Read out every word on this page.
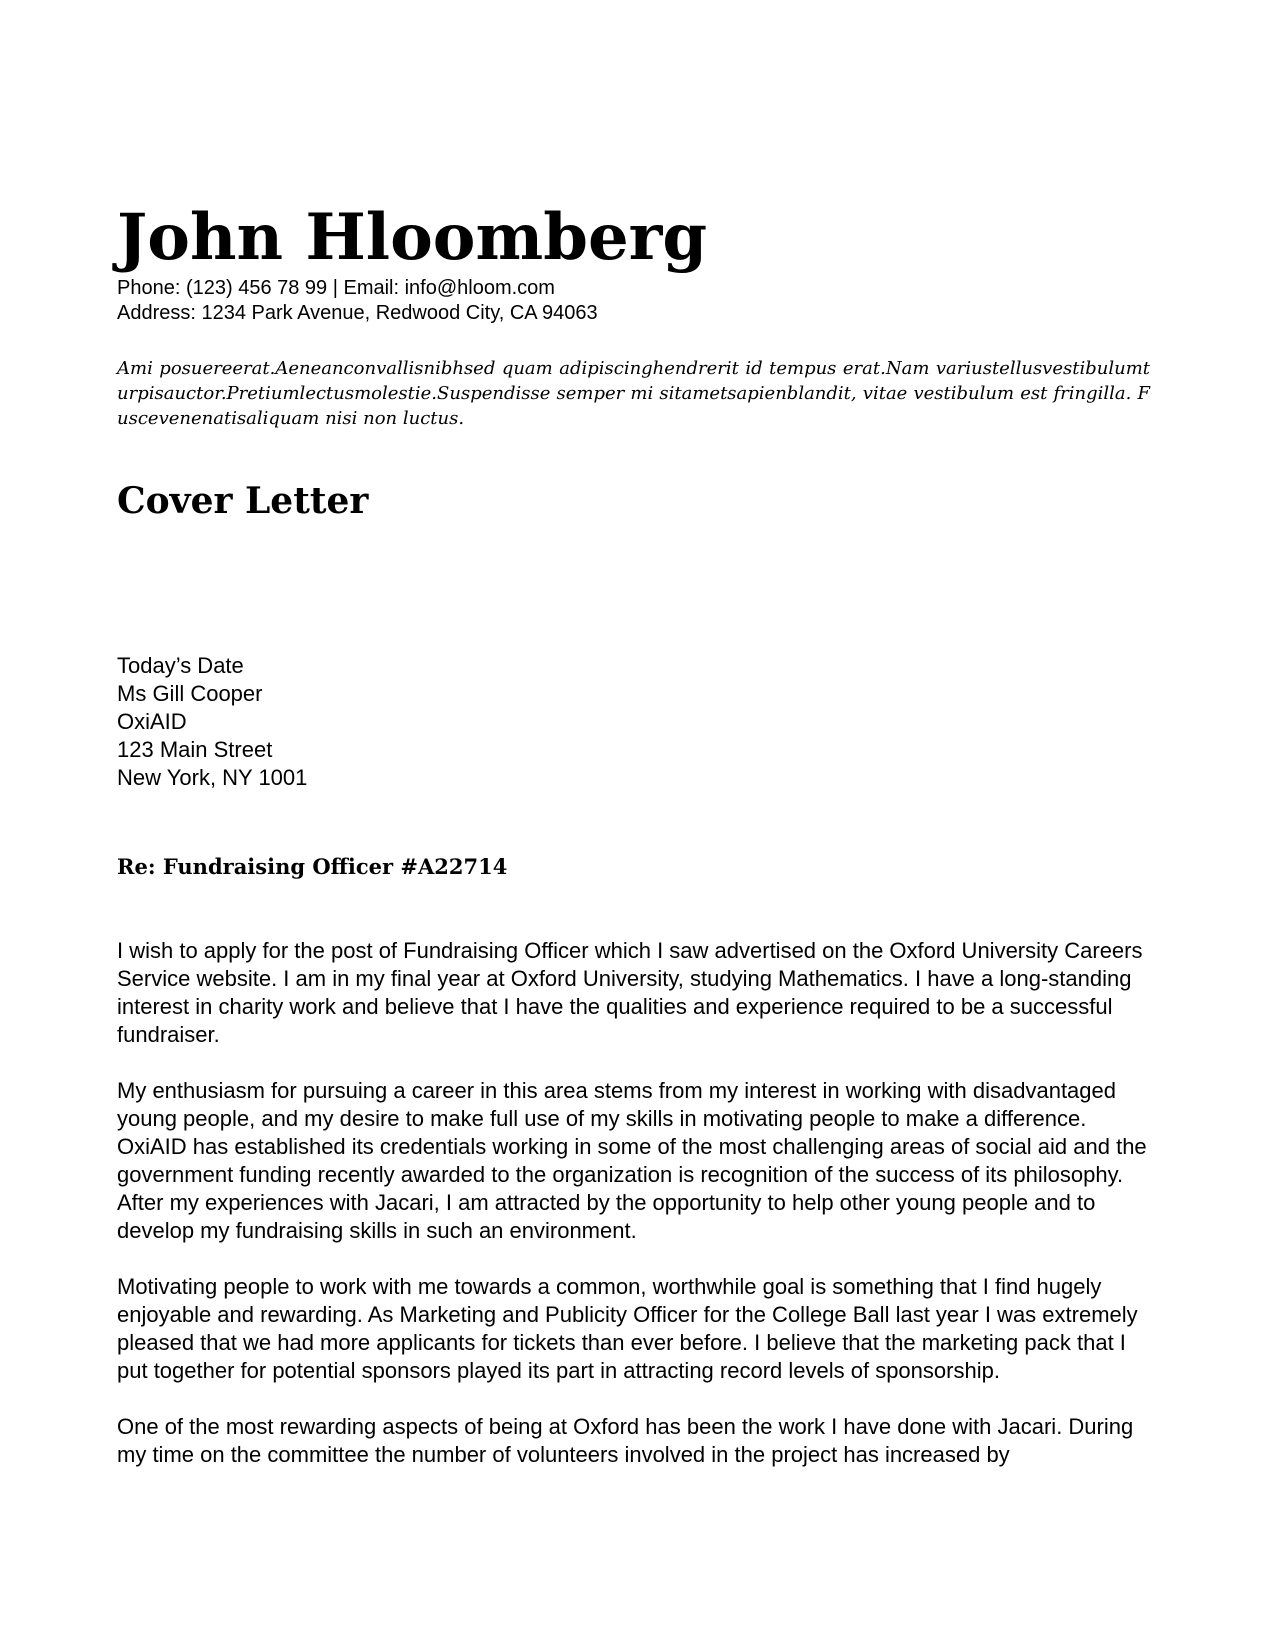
John Hloomberg
Phone: (123) 456 78 99 | Email: info@hloom.com
Address: 1234 Park Avenue, Redwood City, CA 94063

Ami posuereerat.Aeneanconvallisnibhsed quam adipiscinghendrerit id tempus erat.Nam variustellusvestibulumturpisauctor.Pretiumlectusmolestie.Suspendisse semper mi sitametsapienblandit, vitae vestibulum est fringilla. Fuscevenenatisaliquam nisi non luctus.

Cover Letter
Today’s Date
Ms Gill Cooper
OxiAID
123 Main Street
New York, NY 1001
Re: Fundraising Officer #A22714

I wish to apply for the post of Fundraising Officer which I saw advertised on the Oxford University Careers Service website. I am in my final year at Oxford University, studying Mathematics. I have a long-standing interest in charity work and believe that I have the qualities and experience required to be a successful fundraiser.

My enthusiasm for pursuing a career in this area stems from my interest in working with disadvantaged young people, and my desire to make full use of my skills in motivating people to make a difference. OxiAID has established its credentials working in some of the most challenging areas of social aid and the government funding recently awarded to the organization is recognition of the success of its philosophy. After my experiences with Jacari, I am attracted by the opportunity to help other young people and to develop my fundraising skills in such an environment.

Motivating people to work with me towards a common, worthwhile goal is something that I find hugely enjoyable and rewarding. As Marketing and Publicity Officer for the College Ball last year I was extremely pleased that we had more applicants for tickets than ever before. I believe that the marketing pack that I put together for potential sponsors played its part in attracting record levels of sponsorship.

One of the most rewarding aspects of being at Oxford has been the work I have done with Jacari. During my time on the committee the number of volunteers involved in the project has increased by
